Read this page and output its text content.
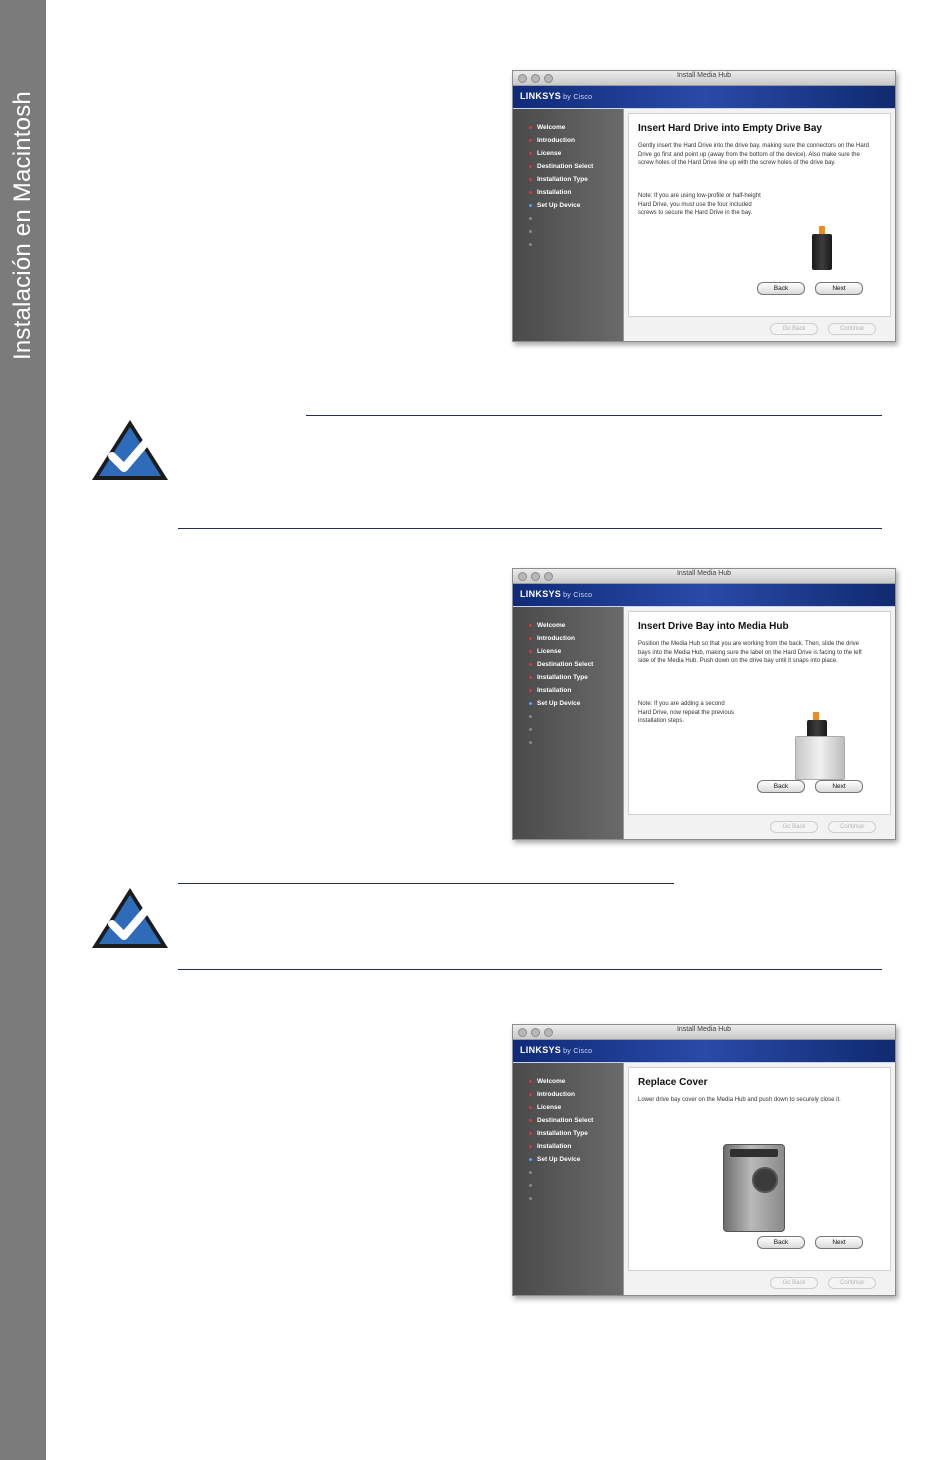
Instalación en Macintosh
Install Media Hub
LINKSYS by Cisco
Welcome
Introduction
License
Destination Select
Installation Type
Installation
Set Up Device

Insert Hard Drive into Empty Drive Bay
Gently insert the Hard Drive into the drive bay, making sure the connectors on the Hard Drive go first and point up (away from the bottom of the device). Also make sure the screw holes of the Hard Drive line up with the screw holes of the drive bay.
Note: If you are using low-profile or half-height Hard Drive, you must use the four included screws to secure the Hard Drive in the bay.
Back	Next
Go Back	Continue
Install Media Hub
LINKSYS by Cisco
Welcome
Introduction
License
Destination Select
Installation Type
Installation
Set Up Device

Insert Drive Bay into Media Hub
Position the Media Hub so that you are working from the back. Then, slide the drive bays into the Media Hub, making sure the label on the Hard Drive is facing to the left side of the Media Hub. Push down on the drive bay until it snaps into place.
Note: If you are adding a second Hard Drive, now repeat the previous installation steps.
Back	Next
Go Back	Continue
Install Media Hub
LINKSYS by Cisco
Welcome
Introduction
License
Destination Select
Installation Type
Installation
Set Up Device

Replace Cover
Lower drive bay cover on the Media Hub and push down to securely close it.
Back	Next
Go Back	Continue
